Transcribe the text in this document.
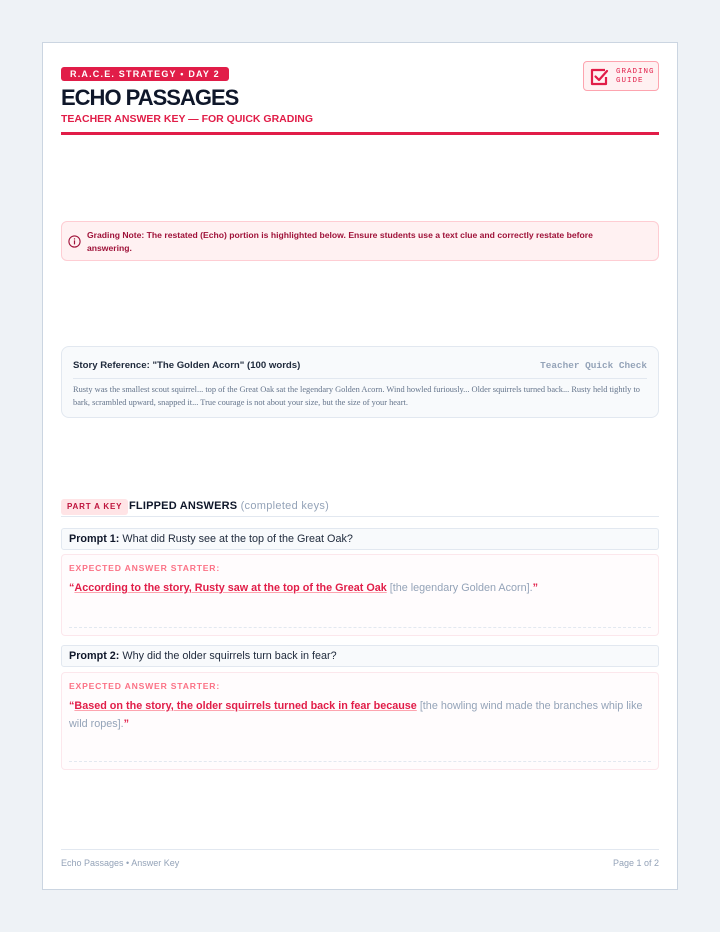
R.A.C.E. STRATEGY • DAY 2
ECHO PASSAGES
TEACHER ANSWER KEY — FOR QUICK GRADING
GRADING
GUIDE
Grading Note: The restated (Echo) portion is highlighted below. Ensure students use a text clue and correctly restate before answering.
Story Reference: "The Golden Acorn" (100 words)	Teacher Quick Check
Rusty was the smallest scout squirrel... top of the Great Oak sat the legendary Golden Acorn. Wind howled furiously... Older squirrels turned back... Rusty held tightly to bark, scrambled upward, snapped it... True courage is not about your size, but the size of your heart.
PART A KEY FLIPPED ANSWERS (completed keys)
Prompt 1: What did Rusty see at the top of the Great Oak?
EXPECTED ANSWER STARTER:
“According to the story, Rusty saw at the top of the Great Oak [the legendary Golden Acorn].”
Prompt 2: Why did the older squirrels turn back in fear?
EXPECTED ANSWER STARTER:
“Based on the story, the older squirrels turned back in fear because [the howling wind made the branches whip like wild ropes].”
Echo Passages • Answer Key	Page 1 of 2
